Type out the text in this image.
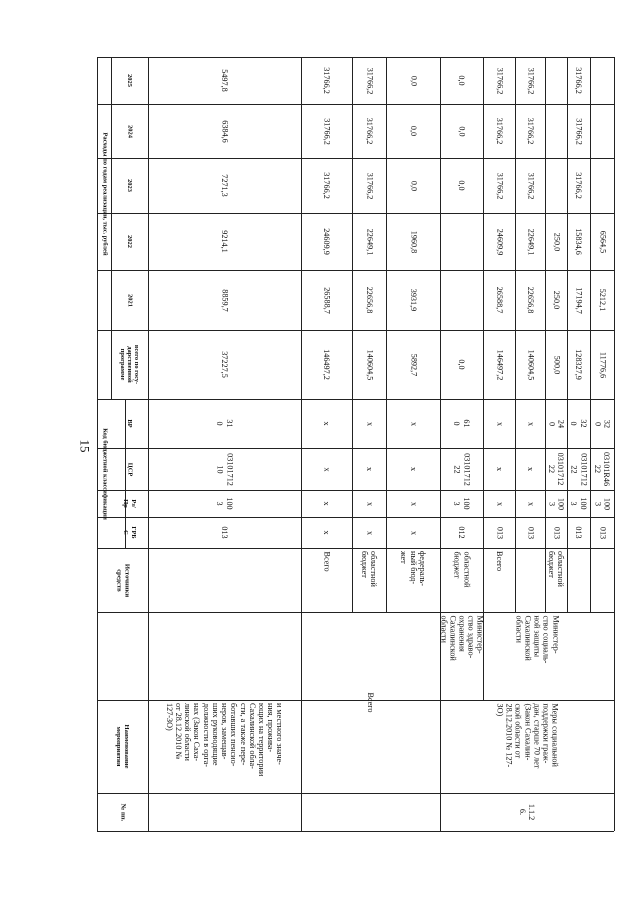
15
№ пп.
Наименование
мероприятия
Источники
средств
Код бюджетной классификации
ГРБ
С
Рз/
Пр
ЦСР
ВР
всего по госу-
дарственной
программе
Расходы по годам реализации, тыс. рублей
2021
2022
2023
2024
2025
и местного значе-
ния, прожива-
ющих на территории
Сахалинской обла-
сти, а также пере-
ботавших пенсио-
неров, замещав-
ших руководящие
должности в орга-
нах (Закон Саха-
линской области
от 28.12.2010 №
127-ЗО)
013
100
3
03101712
10
31
0
37227,5
8859,7
9214,1
7271,3
6384,6
5497,8
Всего
Всего
х
х
х
х
146497,2
26588,7
24609,9
31766,2
31766,2
31766,2
областной
бюджет
х
х
х
х
140604,5
22656,8
22649,1
31766,2
31766,2
31766,2
федераль-
ный бюд-
жет
х
х
х
х
5892,7
3931,9
1960,8
0,0
0,0
0,0
Министер-
ство здраво-
охранения
Сахалинской
области
областной
бюджет
012
100
3
03101712
22
61
0
0,0
0,0
0,0
0,0
1.1.2
6.
Меры социальной
поддержки граж-
дан, старше 70 лет
(Закон Сахалин-
ской области от
28.12.2010 № 127-
ЗО)
Министер-
ство социаль-
ной защиты
Сахалинской
области
Всего
013
х
х
х
146497,2
26588,7
24609,9
31766,2
31766,2
31766,2
013
х
х
х
140604,5
22656,8
22649,1
31766,2
31766,2
31766,2
областной
бюджет
013
100
3
03101712
22
24
0
500,0
250,0
250,0
013
100
3
03101712
22
32
0
128327,9
17194,7
15834,6
31766,2
31766,2
31766,2
013
100
3
03101R46
22
32
0
11776,6
5212,1
6564,5
